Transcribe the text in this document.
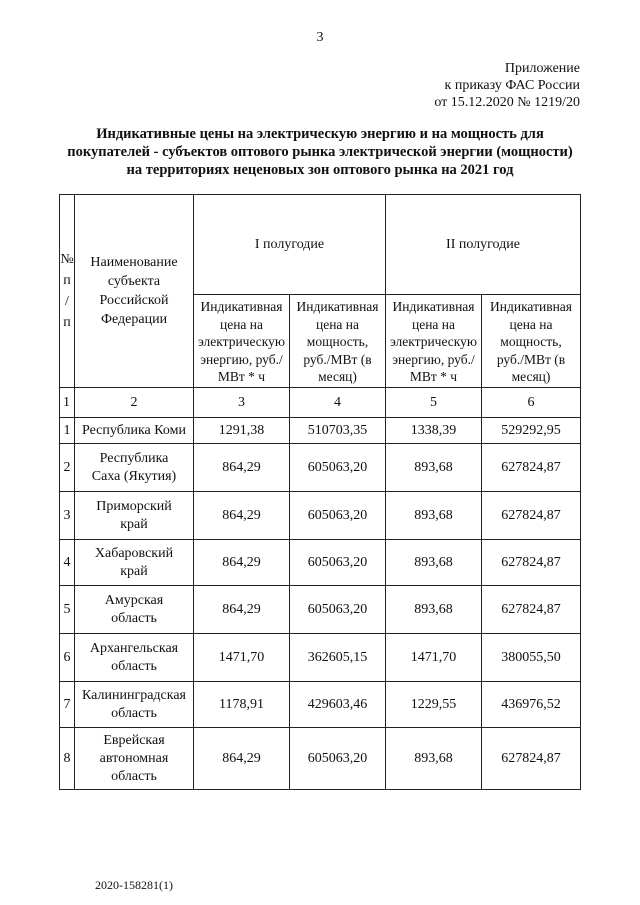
3
Приложение
к приказу ФАС России
от 15.12.2020 № 1219/20
Индикативные цены на электрическую энергию и на мощность для
покупателей - субъектов оптового рынка электрической энергии (мощности)
на территориях неценовых зон оптового рынка на 2021 год
№
п
/
п	Наименование субъекта Российской Федерации	I полугодие		II полугодие	

		Индикативная цена на электрическую энергию, руб./МВт * ч	Индикативная цена на мощность, руб./МВт (в месяц)	Индикативная цена на электрическую энергию, руб./МВт * ч	Индикативная цена на мощность, руб./МВт (в месяц)

1	2	3	4	5	6
1	Республика Коми	1291,38	510703,35	1338,39	529292,95
2	Республика Саха (Якутия)	864,29	605063,20	893,68	627824,87
3	Приморский край	864,29	605063,20	893,68	627824,87
4	Хабаровский край	864,29	605063,20	893,68	627824,87
5	Амурская область	864,29	605063,20	893,68	627824,87
6	Архангельская область	1471,70	362605,15	1471,70	380055,50
7	Калининградская область	1178,91	429603,46	1229,55	436976,52
8	Еврейская автономная область	864,29	605063,20	893,68	627824,87
2020-158281(1)
